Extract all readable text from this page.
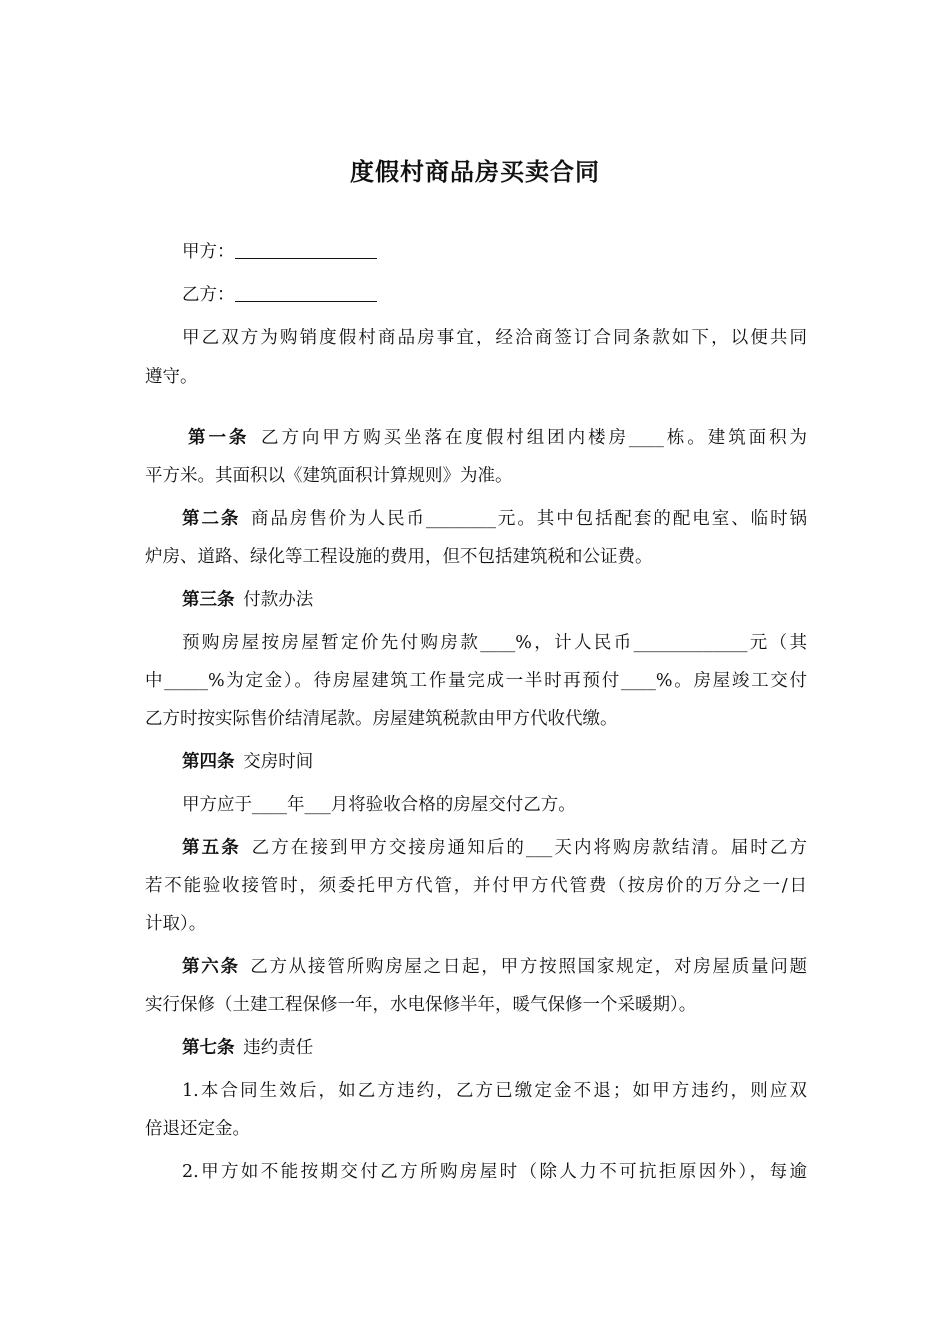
度假村商品房买卖合同
甲方：
乙方：
甲乙双方为购销度假村商品房事宜，经洽商签订合同条款如下，以便共同
遵守。
第一条  乙方向甲方购买坐落在度假村组团内楼房____栋。建筑面积为
平方米。其面积以《建筑面积计算规则》为准。
第二条  商品房售价为人民币________元。其中包括配套的配电室、临时锅
炉房、道路、绿化等工程设施的费用，但不包括建筑税和公证费。
第三条  付款办法
预购房屋按房屋暂定价先付购房款____%，计人民币_____________元（其
中_____%为定金）。待房屋建筑工作量完成一半时再预付____%。房屋竣工交付
乙方时按实际售价结清尾款。房屋建筑税款由甲方代收代缴。
第四条  交房时间
甲方应于____年___月将验收合格的房屋交付乙方。
第五条  乙方在接到甲方交接房通知后的___天内将购房款结清。届时乙方
若不能验收接管时，须委托甲方代管，并付甲方代管费（按房价的万分之一/日
计取）。
第六条  乙方从接管所购房屋之日起，甲方按照国家规定，对房屋质量问题
实行保修（土建工程保修一年，水电保修半年，暖气保修一个采暖期）。
第七条  违约责任
1.本合同生效后，如乙方违约，乙方已缴定金不退；如甲方违约，则应双
倍退还定金。
2.甲方如不能按期交付乙方所购房屋时（除人力不可抗拒原因外），每逾
